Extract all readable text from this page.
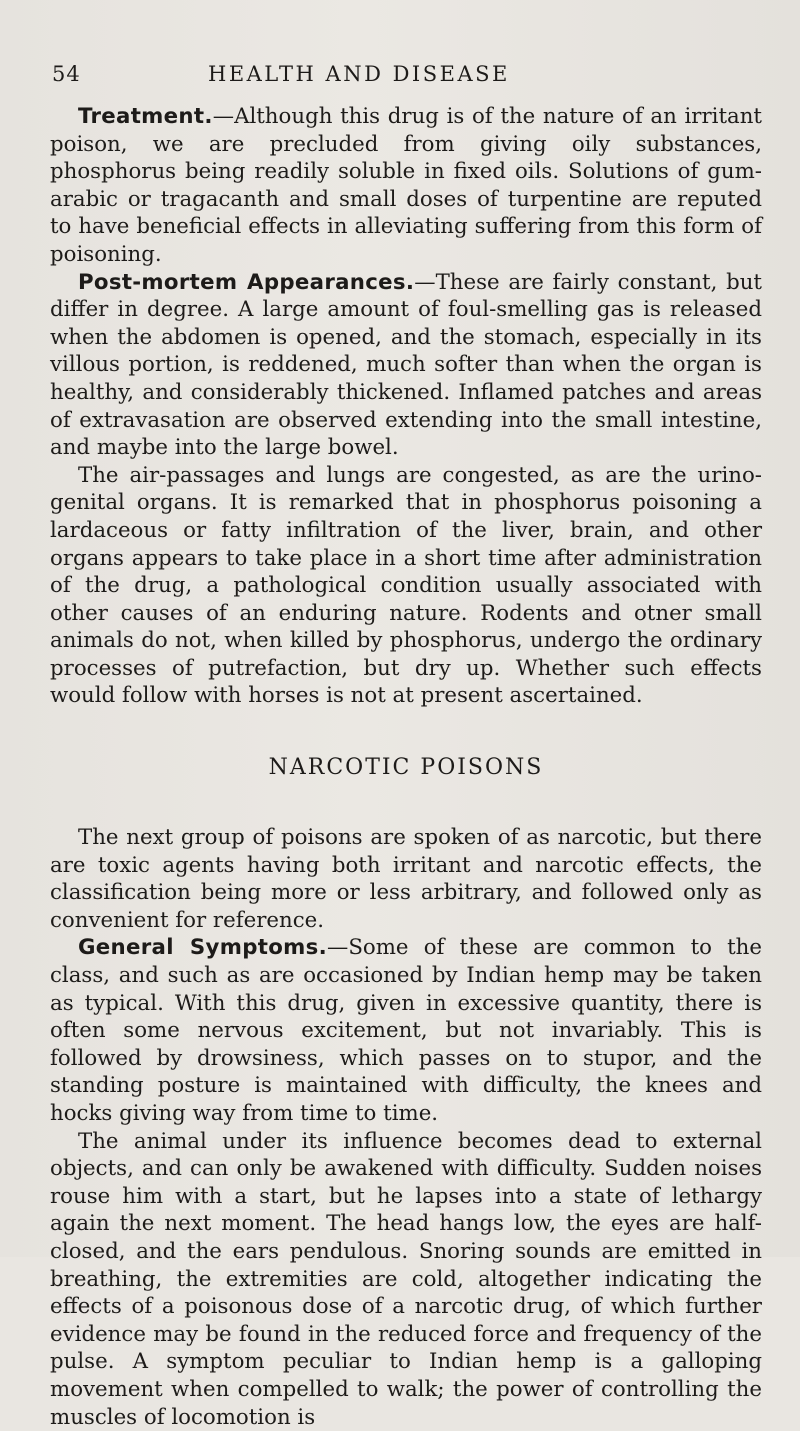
54	HEALTH AND DISEASE

Treatment.—Although this drug is of the nature of an irritant poison, we are precluded from giving oily substances, phosphorus being readily soluble in fixed oils. Solutions of gum-arabic or tragacanth and small doses of turpentine are reputed to have beneficial effects in alleviating suffering from this form of poisoning.

Post-mortem Appearances.—These are fairly constant, but differ in degree. A large amount of foul-smelling gas is released when the abdomen is opened, and the stomach, especially in its villous portion, is reddened, much softer than when the organ is healthy, and considerably thickened. Inflamed patches and areas of extravasation are observed extending into the small intestine, and maybe into the large bowel.

The air-passages and lungs are congested, as are the urino-genital organs. It is remarked that in phosphorus poisoning a lardaceous or fatty infiltration of the liver, brain, and other organs appears to take place in a short time after administration of the drug, a pathological condition usually associated with other causes of an enduring nature. Rodents and otner small animals do not, when killed by phosphorus, undergo the ordinary processes of putrefaction, but dry up. Whether such effects would follow with horses is not at present ascertained.

NARCOTIC POISONS

The next group of poisons are spoken of as narcotic, but there are toxic agents having both irritant and narcotic effects, the classification being more or less arbitrary, and followed only as convenient for reference.

General Symptoms.—Some of these are common to the class, and such as are occasioned by Indian hemp may be taken as typical. With this drug, given in excessive quantity, there is often some nervous excitement, but not invariably. This is followed by drowsiness, which passes on to stupor, and the standing posture is maintained with difficulty, the knees and hocks giving way from time to time.

The animal under its influence becomes dead to external objects, and can only be awakened with difficulty. Sudden noises rouse him with a start, but he lapses into a state of lethargy again the next moment. The head hangs low, the eyes are half-closed, and the ears pendulous. Snoring sounds are emitted in breathing, the extremities are cold, altogether indicating the effects of a poisonous dose of a narcotic drug, of which further evidence may be found in the reduced force and frequency of the pulse. A symptom peculiar to Indian hemp is a galloping movement when compelled to walk; the power of controlling the muscles of locomotion is
